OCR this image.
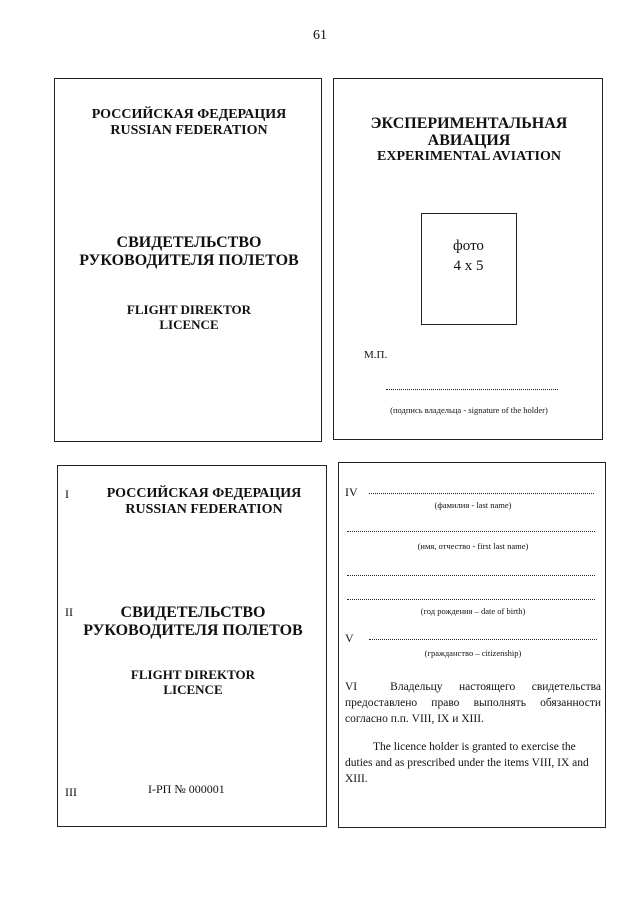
61
РОССИЙСКАЯ ФЕДЕРАЦИЯ
RUSSIAN FEDERATION
СВИДЕТЕЛЬСТВО
РУКОВОДИТЕЛЯ ПОЛЕТОВ
FLIGHT DIREKTOR
LICENCE
ЭКСПЕРИМЕНТАЛЬНАЯ
АВИАЦИЯ
EXPERIMENTAL AVIATION
фото
4 х 5
М.П.
(подпись владельца - signature of the holder)
I	РОССИЙСКАЯ ФЕДЕРАЦИЯ
RUSSIAN FEDERATION
II	СВИДЕТЕЛЬСТВО
РУКОВОДИТЕЛЯ ПОЛЕТОВ
FLIGHT DIREKTOR
LICENCE
III	I-РП № 000001
IV
(фамилия - last name)
(имя, отчество - first last name)
(год рождения – date of birth)
V
(гражданство – citizenship)
VI	Владельцу настоящего свидетельства предоставлено право выполнять обязанности согласно п.п. VIII, IX и XIII.
The licence holder is granted to exercise the duties and as prescribed under the items VIII, IX and XIII.
